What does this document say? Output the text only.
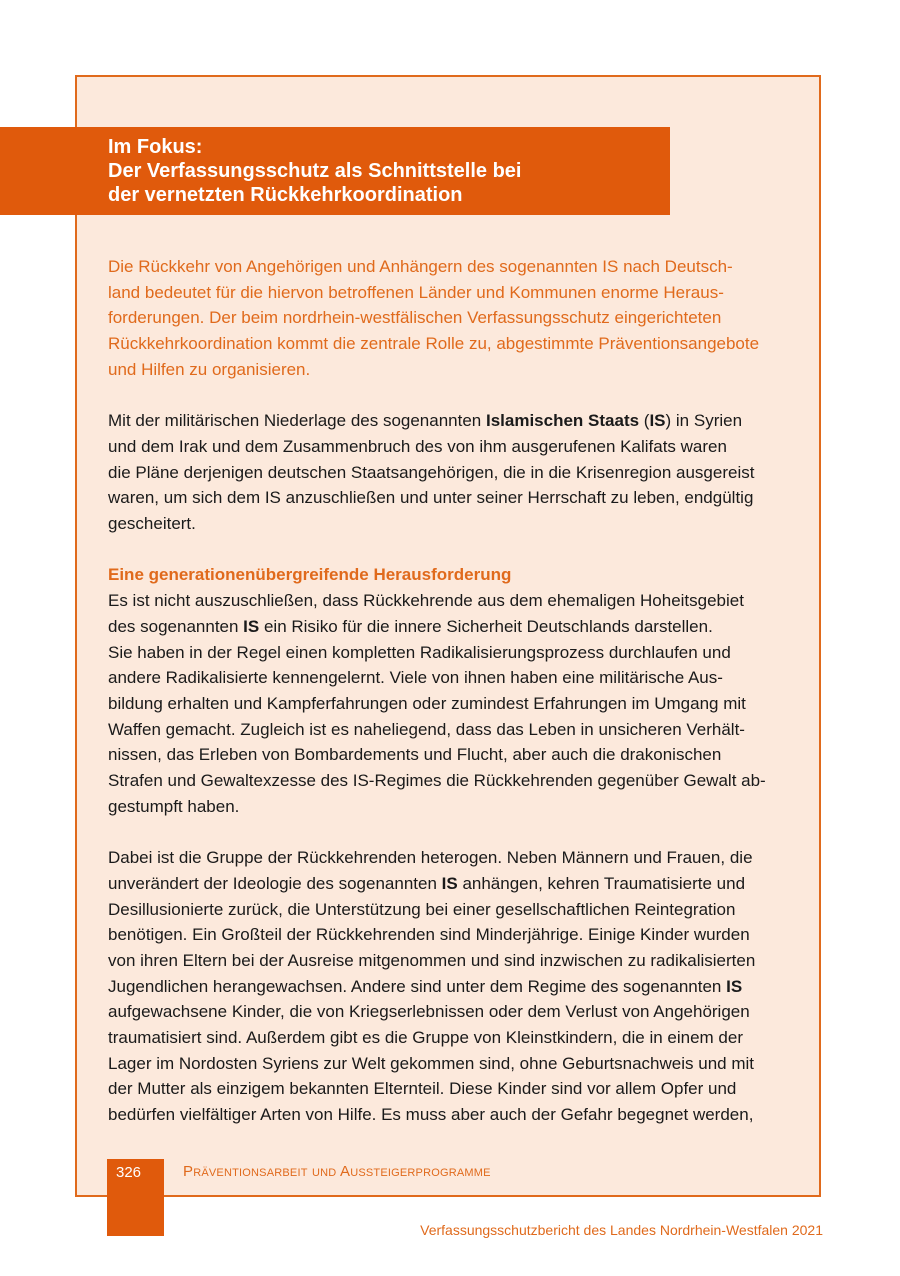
Im Fokus:
Der Verfassungsschutz als Schnittstelle bei
der vernetzten Rückkehrkoordination
Die Rückkehr von Angehörigen und Anhängern des sogenannten IS nach Deutsch-
land bedeutet für die hiervon betroffenen Länder und Kommunen enorme Heraus-
forderungen. Der beim nordrhein-westfälischen Verfassungsschutz eingerichteten
Rückkehrkoordination kommt die zentrale Rolle zu, abgestimmte Präventionsangebote
und Hilfen zu organisieren.
Mit der militärischen Niederlage des sogenannten Islamischen Staats (IS) in Syrien
und dem Irak und dem Zusammenbruch des von ihm ausgerufenen Kalifats waren
die Pläne derjenigen deutschen Staatsangehörigen, die in die Krisenregion ausgereist
waren, um sich dem IS anzuschließen und unter seiner Herrschaft zu leben, endgültig
gescheitert.
Eine generationenübergreifende Herausforderung
Es ist nicht auszuschließen, dass Rückkehrende aus dem ehemaligen Hoheitsgebiet
des sogenannten IS ein Risiko für die innere Sicherheit Deutschlands darstellen.
Sie haben in der Regel einen kompletten Radikalisierungsprozess durchlaufen und
andere Radikalisierte kennengelernt. Viele von ihnen haben eine militärische Aus-
bildung erhalten und Kampferfahrungen oder zumindest Erfahrungen im Umgang mit
Waffen gemacht. Zugleich ist es naheliegend, dass das Leben in unsicheren Verhält-
nissen, das Erleben von Bombardements und Flucht, aber auch die drakonischen
Strafen und Gewaltexzesse des IS-Regimes die Rückkehrenden gegenüber Gewalt ab-
gestumpft haben.
Dabei ist die Gruppe der Rückkehrenden heterogen. Neben Männern und Frauen, die
unverändert der Ideologie des sogenannten IS anhängen, kehren Traumatisierte und
Desillusionierte zurück, die Unterstützung bei einer gesellschaftlichen Reintegration
benötigen. Ein Großteil der Rückkehrenden sind Minderjährige. Einige Kinder wurden
von ihren Eltern bei der Ausreise mitgenommen und sind inzwischen zu radikalisierten
Jugendlichen herangewachsen. Andere sind unter dem Regime des sogenannten IS
aufgewachsene Kinder, die von Kriegserlebnissen oder dem Verlust von Angehörigen
traumatisiert sind. Außerdem gibt es die Gruppe von Kleinstkindern, die in einem der
Lager im Nordosten Syriens zur Welt gekommen sind, ohne Geburtsnachweis und mit
der Mutter als einzigem bekannten Elternteil. Diese Kinder sind vor allem Opfer und
bedürfen vielfältiger Arten von Hilfe. Es muss aber auch der Gefahr begegnet werden,
326	Präventionsarbeit und Aussteigerprogramme
Verfassungsschutzbericht des Landes Nordrhein-Westfalen 2021
